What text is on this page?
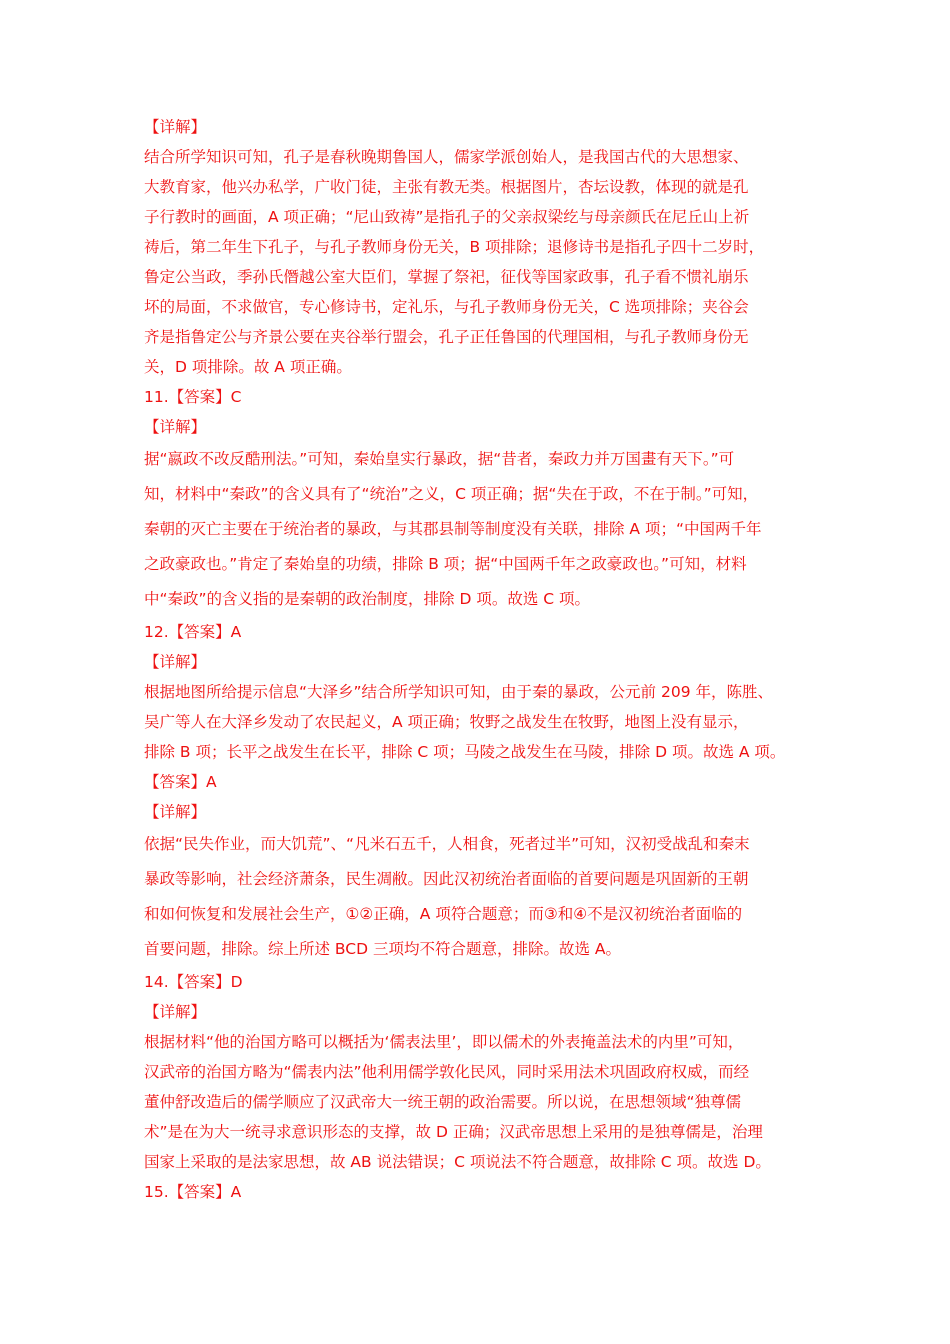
【详解】
结合所学知识可知，孔子是春秋晚期鲁国人，儒家学派创始人，是我国古代的大思想家、
大教育家，他兴办私学，广收门徒，主张有教无类。根据图片，杏坛设教，体现的就是孔
子行教时的画面，A 项正确；“尼山致祷”是指孔子的父亲叔梁纥与母亲颜氏在尼丘山上祈
祷后，第二年生下孔子，与孔子教师身份无关，B 项排除；退修诗书是指孔子四十二岁时，
鲁定公当政，季孙氏僭越公室大臣们，掌握了祭祀，征伐等国家政事，孔子看不惯礼崩乐
坏的局面，不求做官，专心修诗书，定礼乐，与孔子教师身份无关，C 选项排除；夹谷会
齐是指鲁定公与齐景公要在夹谷举行盟会，孔子正任鲁国的代理国相，与孔子教师身份无
关，D 项排除。故 A 项正确。
11.【答案】C
【详解】
据“嬴政不改反酷刑法。”可知，秦始皇实行暴政，据“昔者，秦政力并万国畫有天下。”可
知，材料中“秦政”的含义具有了“统治”之义，C 项正确；据“失在于政，不在于制。”可知，
秦朝的灭亡主要在于统治者的暴政，与其郡县制等制度没有关联，排除 A 项；“中国两千年
之政豪政也。”肯定了秦始皇的功绩，排除 B 项；据“中国两千年之政豪政也。”可知，材料
中“秦政”的含义指的是秦朝的政治制度，排除 D 项。故选 C 项。
12.【答案】A
【详解】
根据地图所给提示信息“大泽乡”结合所学知识可知，由于秦的暴政，公元前 209 年，陈胜、
吴广等人在大泽乡发动了农民起义，A 项正确；牧野之战发生在牧野，地图上没有显示，
排除 B 项；长平之战发生在长平，排除 C 项；马陵之战发生在马陵，排除 D 项。故选 A 项。
【答案】A
【详解】
依据“民失作业，而大饥荒”、“凡米石五千，人相食，死者过半”可知，汉初受战乱和秦末
暴政等影响，社会经济萧条，民生凋敝。因此汉初统治者面临的首要问题是巩固新的王朝
和如何恢复和发展社会生产，①②正确，A 项符合题意；而③和④不是汉初统治者面临的
首要问题，排除。综上所述 BCD 三项均不符合题意，排除。故选 A。
14.【答案】D
【详解】
根据材料“他的治国方略可以概括为‘儒表法里’，即以儒术的外表掩盖法术的内里”可知，
汉武帝的治国方略为“儒表内法”他利用儒学敦化民风，同时采用法术巩固政府权威，而经
董仲舒改造后的儒学顺应了汉武帝大一统王朝的政治需要。所以说，在思想领域“独尊儒
术”是在为大一统寻求意识形态的支撑，故 D 正确；汉武帝思想上采用的是独尊儒是，治理
国家上采取的是法家思想，故 AB 说法错误；C 项说法不符合题意，故排除 C 项。故选 D。
15.【答案】A
